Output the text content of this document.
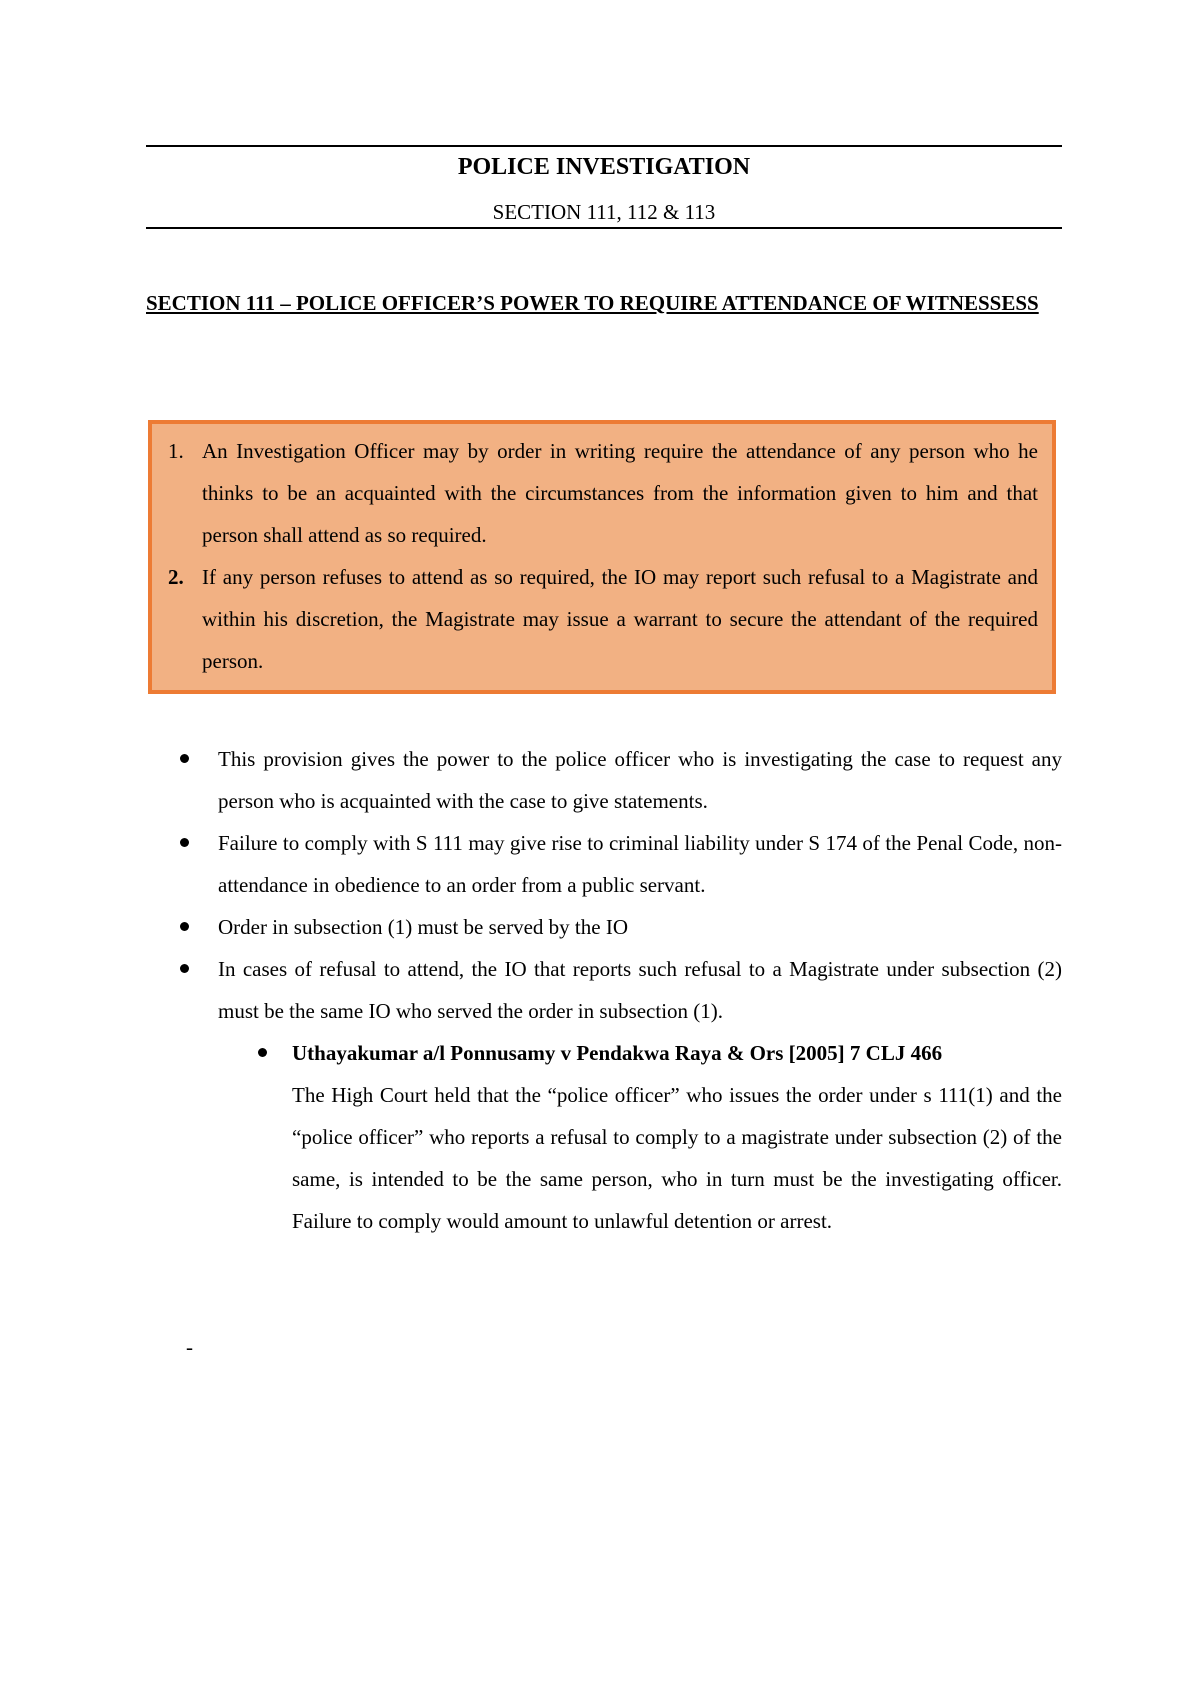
POLICE INVESTIGATION
SECTION 111, 112 & 113
SECTION 111 – POLICE OFFICER’S POWER TO REQUIRE ATTENDANCE OF WITNESSESS
1. An Investigation Officer may by order in writing require the attendance of any person who he thinks to be an acquainted with the circumstances from the information given to him and that person shall attend as so required.
2. If any person refuses to attend as so required, the IO may report such refusal to a Magistrate and within his discretion, the Magistrate may issue a warrant to secure the attendant of the required person.
This provision gives the power to the police officer who is investigating the case to request any person who is acquainted with the case to give statements.
Failure to comply with S 111 may give rise to criminal liability under S 174 of the Penal Code, non-attendance in obedience to an order from a public servant.
Order in subsection (1) must be served by the IO
In cases of refusal to attend, the IO that reports such refusal to a Magistrate under subsection (2) must be the same IO who served the order in subsection (1).
Uthayakumar a/l Ponnusamy v Pendakwa Raya & Ors [2005] 7 CLJ 466
The High Court held that the “police officer” who issues the order under s 111(1) and the “police officer” who reports a refusal to comply to a magistrate under subsection (2) of the same, is intended to be the same person, who in turn must be the investigating officer. Failure to comply would amount to unlawful detention or arrest.
-
